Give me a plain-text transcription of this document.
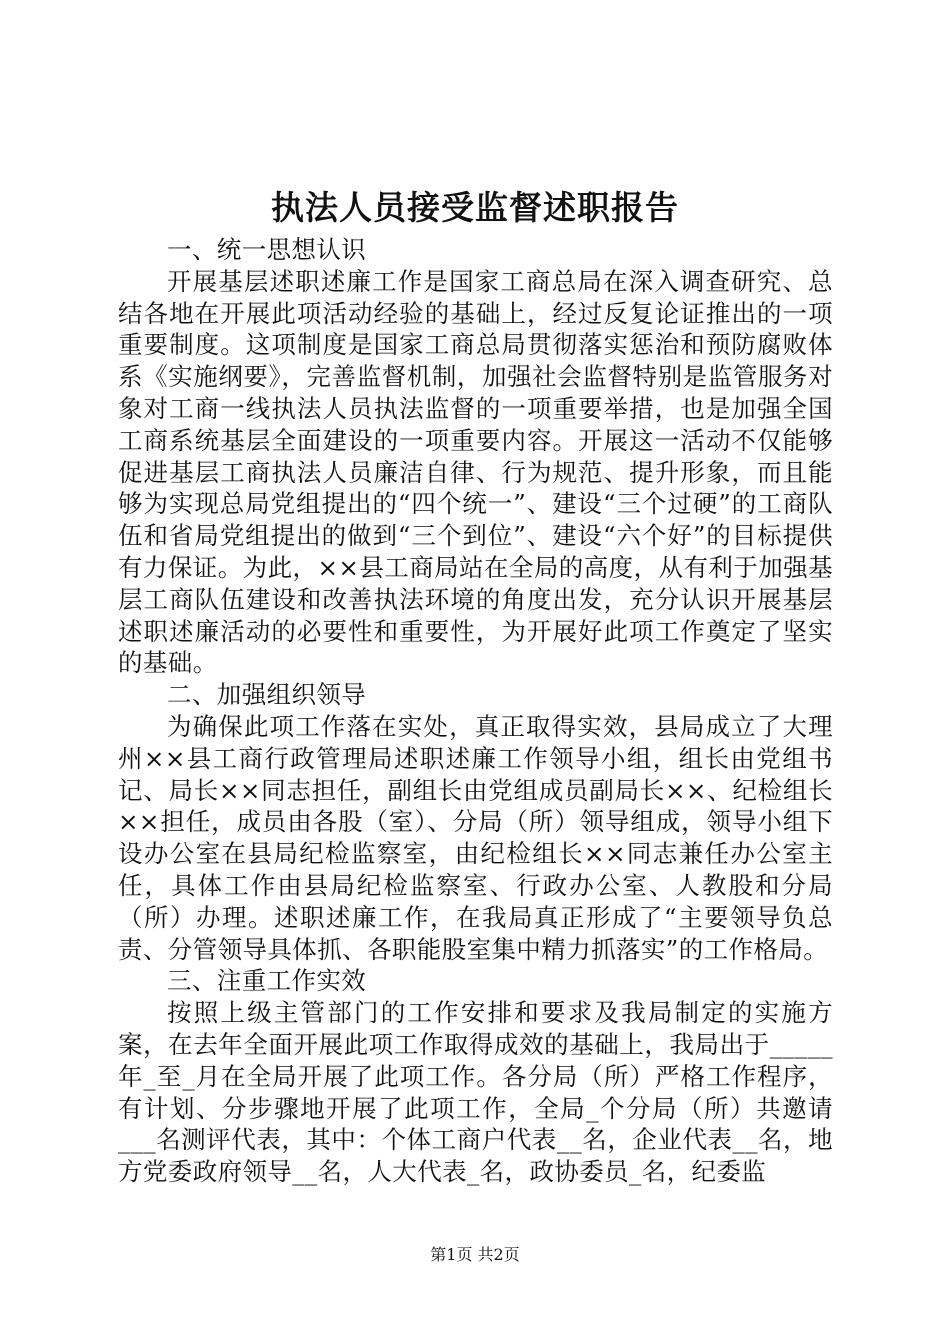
执法人员接受监督述职报告

一、统一思想认识

开展基层述职述廉工作是国家工商总局在深入调查研究、总结各地在开展此项活动经验的基础上，经过反复论证推出的一项重要制度。这项制度是国家工商总局贯彻落实惩治和预防腐败体系《实施纲要》，完善监督机制，加强社会监督特别是监管服务对象对工商一线执法人员执法监督的一项重要举措，也是加强全国工商系统基层全面建设的一项重要内容。开展这一活动不仅能够促进基层工商执法人员廉洁自律、行为规范、提升形象，而且能够为实现总局党组提出的“四个统一”、建设“三个过硬”的工商队伍和省局党组提出的做到“三个到位”、建设“六个好”的目标提供有力保证。为此，××县工商局站在全局的高度，从有利于加强基层工商队伍建设和改善执法环境的角度出发，充分认识开展基层述职述廉活动的必要性和重要性，为开展好此项工作奠定了坚实的基础。

二、加强组织领导

为确保此项工作落在实处，真正取得实效，县局成立了大理州××县工商行政管理局述职述廉工作领导小组，组长由党组书记、局长××同志担任，副组长由党组成员副局长××、纪检组长××担任，成员由各股（室）、分局（所）领导组成，领导小组下设办公室在县局纪检监察室，由纪检组长××同志兼任办公室主任，具体工作由县局纪检监察室、行政办公室、人教股和分局（所）办理。述职述廉工作，在我局真正形成了“主要领导负总责、分管领导具体抓、各职能股室集中精力抓落实”的工作格局。

三、注重工作实效

按照上级主管部门的工作安排和要求及我局制定的实施方案，在去年全面开展此项工作取得成效的基础上，我局出于_____年_至_月在全局开展了此项工作。各分局（所）严格工作程序，有计划、分步骤地开展了此项工作，全局_个分局（所）共邀请___名测评代表，其中：个体工商户代表__名，企业代表__名，地方党委政府领导__名，人大代表_名，政协委员_名，纪委监

第1页 共2页
